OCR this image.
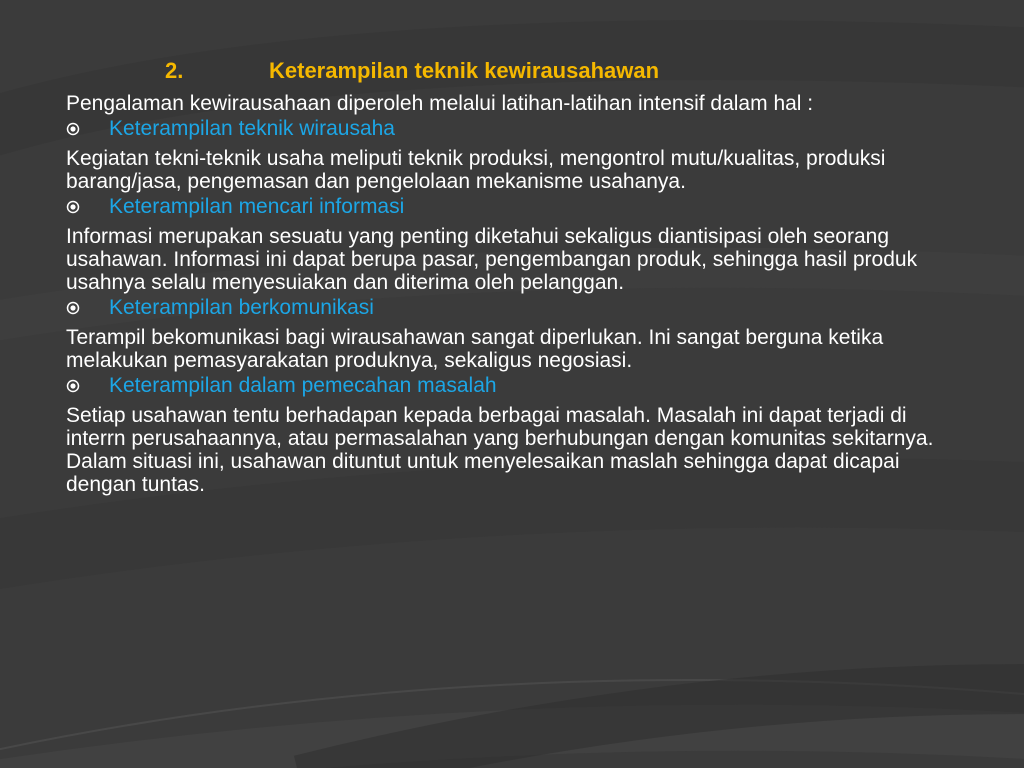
2.	Keterampilan teknik kewirausahawan

Pengalaman kewirausahaan diperoleh melalui latihan-latihan intensif dalam hal :

Keterampilan teknik wirausaha

Kegiatan tekni-teknik usaha meliputi teknik produksi, mengontrol mutu/kualitas, produksi barang/jasa, pengemasan dan pengelolaan mekanisme usahanya.

Keterampilan mencari informasi

Informasi merupakan sesuatu yang penting diketahui sekaligus diantisipasi oleh seorang usahawan. Informasi ini dapat berupa pasar, pengembangan produk, sehingga hasil produk usahnya selalu menyesuiakan dan diterima oleh pelanggan.

Keterampilan berkomunikasi

Terampil bekomunikasi bagi wirausahawan sangat diperlukan. Ini sangat berguna ketika melakukan pemasyarakatan produknya, sekaligus negosiasi.

Keterampilan dalam pemecahan masalah

Setiap usahawan tentu berhadapan kepada berbagai masalah. Masalah ini dapat terjadi di interrn perusahaannya, atau permasalahan yang berhubungan dengan komunitas sekitarnya. Dalam situasi ini, usahawan dituntut untuk menyelesaikan maslah sehingga dapat dicapai dengan tuntas.
